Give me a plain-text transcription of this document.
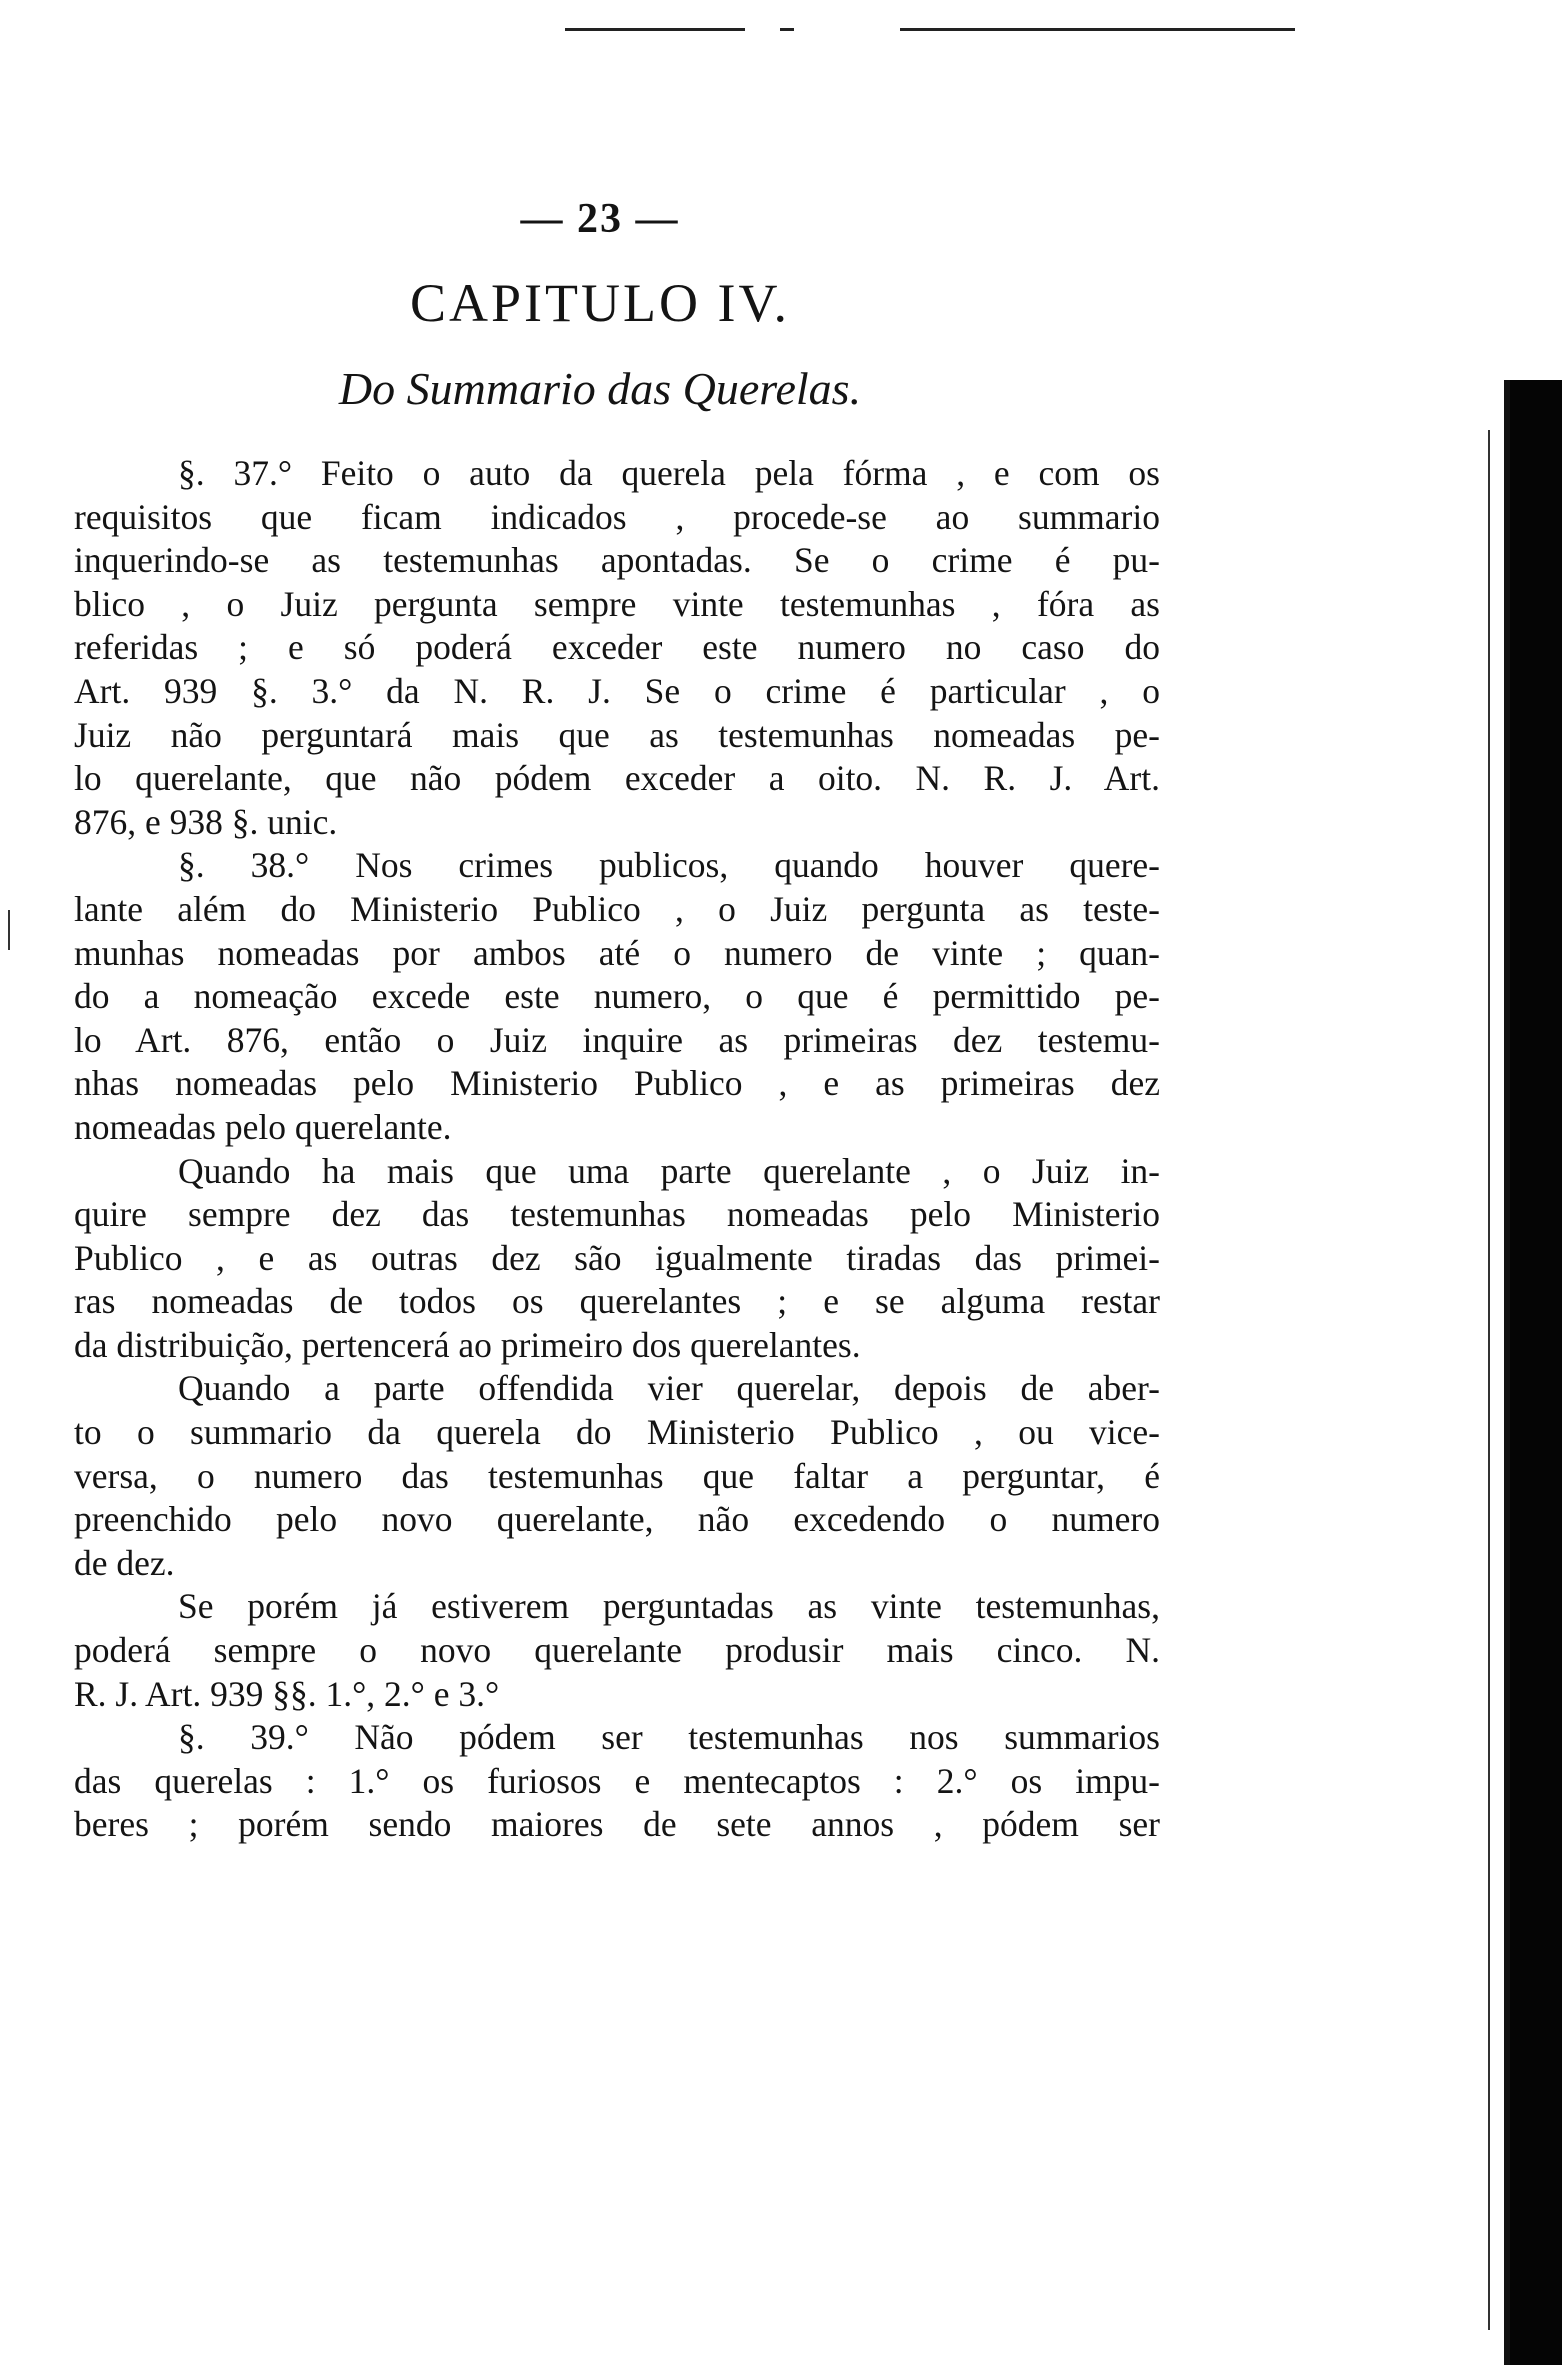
— 23 —
CAPITULO IV.
Do Summario das Querelas.
§. 37.° Feito o auto da querela pela fórma , e com os
requisitos que ficam indicados , procede-se ao summario
inquerindo-se as testemunhas apontadas. Se o crime é pu-
blico , o Juiz pergunta sempre vinte testemunhas , fóra as
referidas ; e só poderá exceder este numero no caso do
Art. 939 §. 3.° da N. R. J. Se o crime é particular , o
Juiz não perguntará mais que as testemunhas nomeadas pe-
lo querelante, que não pódem exceder a oito. N. R. J. Art.
876, e 938 §. unic.
§. 38.° Nos crimes publicos, quando houver quere-
lante além do Ministerio Publico , o Juiz pergunta as teste-
munhas nomeadas por ambos até o numero de vinte ; quan-
do a nomeação excede este numero, o que é permittido pe-
lo Art. 876, então o Juiz inquire as primeiras dez testemu-
nhas nomeadas pelo Ministerio Publico , e as primeiras dez
nomeadas pelo querelante.
Quando ha mais que uma parte querelante , o Juiz in-
quire sempre dez das testemunhas nomeadas pelo Ministerio
Publico , e as outras dez são igualmente tiradas das primei-
ras nomeadas de todos os querelantes ; e se alguma restar
da distribuição, pertencerá ao primeiro dos querelantes.
Quando a parte offendida vier querelar, depois de aber-
to o summario da querela do Ministerio Publico , ou vice-
versa, o numero das testemunhas que faltar a perguntar, é
preenchido pelo novo querelante, não excedendo o numero
de dez.
Se porém já estiverem perguntadas as vinte testemunhas,
poderá sempre o novo querelante produsir mais cinco. N.
R. J. Art. 939 §§. 1.°, 2.° e 3.°
§. 39.° Não pódem ser testemunhas nos summarios
das querelas : 1.° os furiosos e mentecaptos : 2.° os impu-
beres ; porém sendo maiores de sete annos , pódem ser
